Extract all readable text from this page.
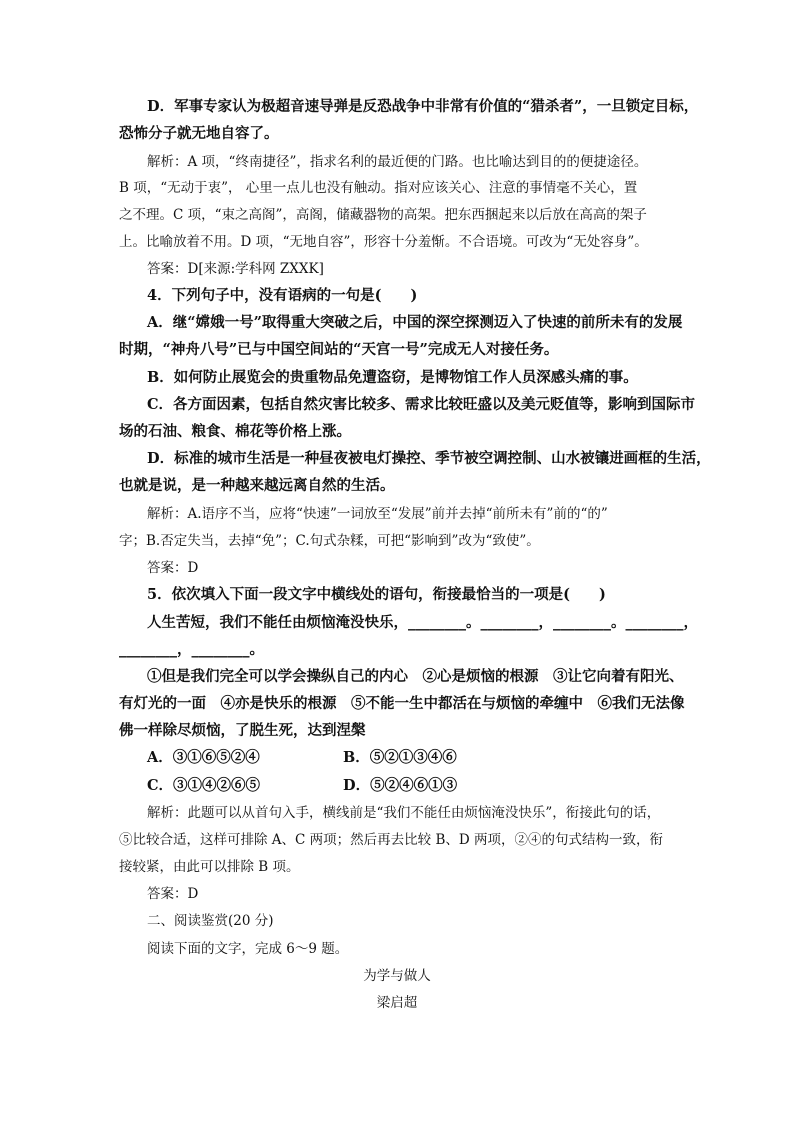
D．军事专家认为极超音速导弹是反恐战争中非常有价值的“猎杀者”，一旦锁定目标，
恐怖分子就无地自容了。
解析：A 项，“终南捷径”，指求名利的最近便的门路。也比喻达到目的的便捷途径。
B 项，“无动于衷”， 心里一点儿也没有触动。指对应该关心、注意的事情毫不关心，置
之不理。C 项，“束之高阁”，高阁，储藏器物的高架。把东西捆起来以后放在高高的架子
上。比喻放着不用。D 项，“无地自容”，形容十分羞惭。不合语境。可改为“无处容身”。
答案：D[来源:学科网 ZXXK]
4．下列句子中，没有语病的一句是(　　)
A．继“嫦娥一号”取得重大突破之后，中国的深空探测迈入了快速的前所未有的发展
时期，“神舟八号”已与中国空间站的“天宫一号”完成无人对接任务。
B．如何防止展览会的贵重物品免遭盗窃，是博物馆工作人员深感头痛的事。
C．各方面因素，包括自然灾害比较多、需求比较旺盛以及美元贬值等，影响到国际市
场的石油、粮食、棉花等价格上涨。
D．标准的城市生活是一种昼夜被电灯操控、季节被空调控制、山水被镶进画框的生活，
也就是说，是一种越来越远离自然的生活。
解析：A.语序不当，应将“快速”一词放至“发展”前并去掉“前所未有”前的“的”
字；B.否定失当，去掉“免”；C.句式杂糅，可把“影响到”改为“致使”。
答案：D
5．依次填入下面一段文字中横线处的语句，衔接最恰当的一项是(　　)
人生苦短，我们不能任由烦恼淹没快乐，________。________，________。________，
________，________。
①但是我们完全可以学会操纵自己的内心　②心是烦恼的根源　③让它向着有阳光、
有灯光的一面　④亦是快乐的根源　⑤不能一生中都活在与烦恼的牵缠中　⑥我们无法像
佛一样除尽烦恼，了脱生死，达到涅槃
A．③①⑥⑤②④	B．⑤②①③④⑥
C．③①④②⑥⑤	D．⑤②④⑥①③
解析：此题可以从首句入手，横线前是“我们不能任由烦恼淹没快乐”，衔接此句的话，
⑤比较合适，这样可排除 A、C 两项；然后再去比较 B、D 两项，②④的句式结构一致，衔
接较紧，由此可以排除 B 项。
答案：D
二、阅读鉴赏(20 分)
阅读下面的文字，完成 6～9 题。
为学与做人
梁启超
